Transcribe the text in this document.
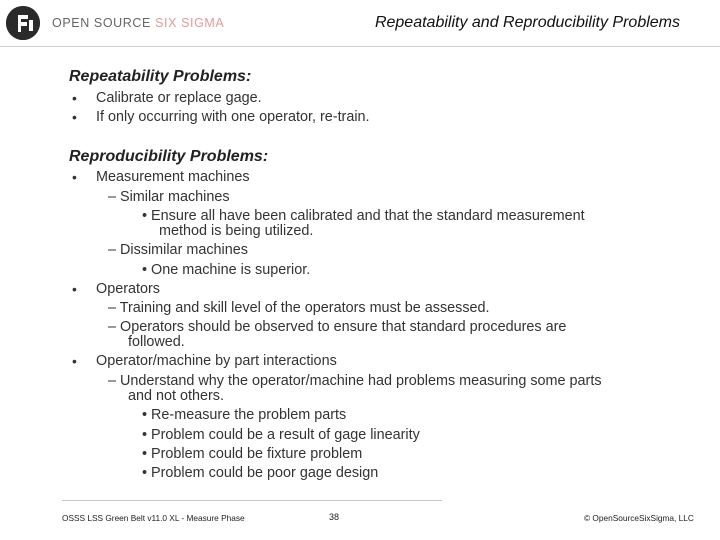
OPEN SOURCE SIX SIGMA	Repeatability and Reproducibility Problems
Repeatability Problems:
• Calibrate or replace gage.
• If only occurring with one operator, re-train.
Reproducibility Problems:
• Measurement machines
– Similar machines
• Ensure all have been calibrated and that the standard measurement
method is being utilized.
– Dissimilar machines
• One machine is superior.
• Operators
– Training and skill level of the operators must be assessed.
– Operators should be observed to ensure that standard procedures are
followed.
• Operator/machine by part interactions
– Understand why the operator/machine had problems measuring some parts
and not others.
• Re-measure the problem parts
• Problem could be a result of gage linearity
• Problem could be fixture problem
• Problem could be poor gage design
OSSS LSS Green Belt v11.0 XL - Measure Phase	38	© OpenSourceSixSigma, LLC
